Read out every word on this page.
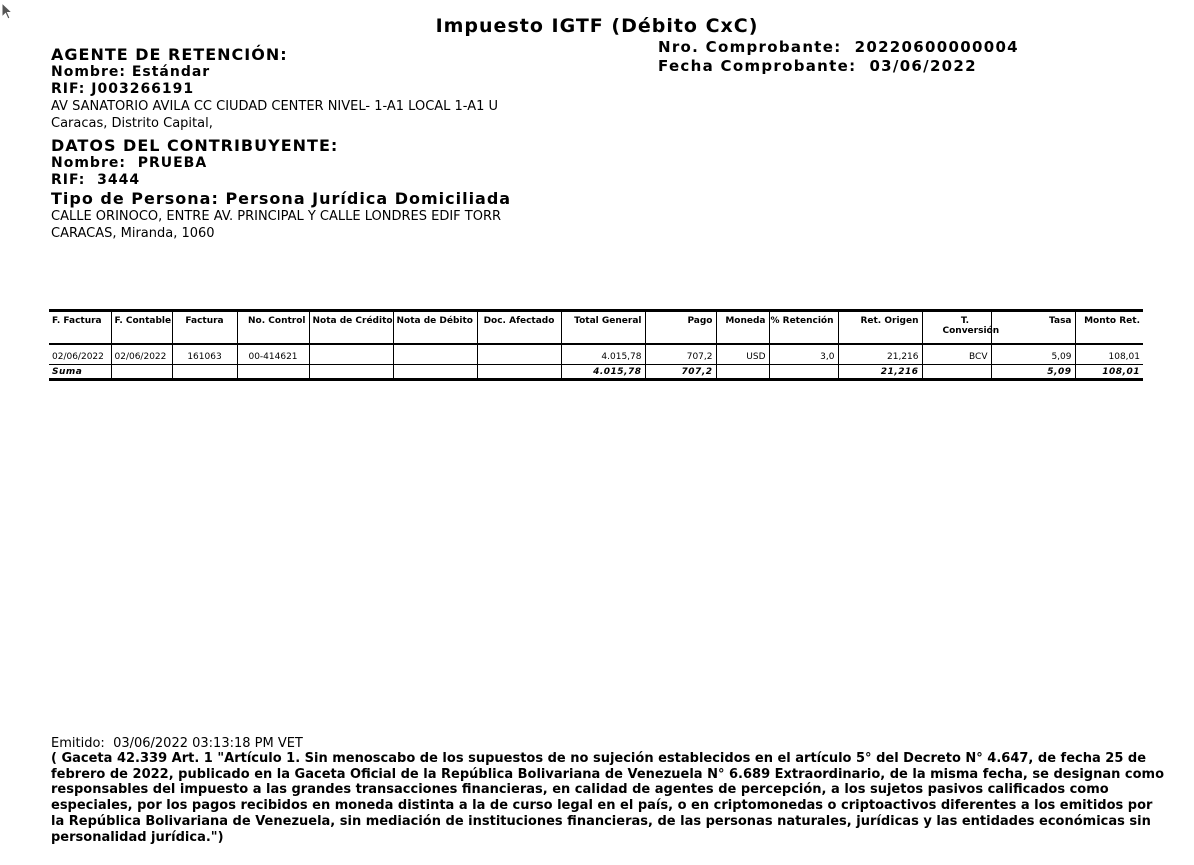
Impuesto IGTF (Débito CxC)
Nro. Comprobante: 20220600000004
Fecha Comprobante: 03/06/2022
AGENTE DE RETENCIÓN:
Nombre: Estándar
RIF: J003266191
AV SANATORIO AVILA CC CIUDAD CENTER NIVEL- 1-A1 LOCAL 1-A1 U
Caracas, Distrito Capital,
DATOS DEL CONTRIBUYENTE:
Nombre: PRUEBA
RIF: 3444
Tipo de Persona: Persona Jurídica Domiciliada
CALLE ORINOCO, ENTRE AV. PRINCIPAL Y CALLE LONDRES EDIF TORR
CARACAS, Miranda, 1060
F. Factura	F. Contable	Factura	No. Control	Nota de Crédito	Nota de Débito	Doc. Afectado	Total General	Pago	Moneda	% Retención	Ret. Origen	T. Conversión	Tasa	Monto Ret.
02/06/2022	02/06/2022	161063	00-414621				4.015,78	707,2	USD	3,0	21,216	BCV	5,09	108,01
Suma							4.015,78	707,2			21,216		5,09	108,01
Emitido: 03/06/2022 03:13:18 PM VET
( Gaceta 42.339 Art. 1 "Artículo 1. Sin menoscabo de los supuestos de no sujeción establecidos en el artículo 5° del Decreto N° 4.647, de fecha 25 de febrero de 2022, publicado en la Gaceta Oficial de la República Bolivariana de Venezuela N° 6.689 Extraordinario, de la misma fecha, se designan como responsables del impuesto a las grandes transacciones financieras, en calidad de agentes de percepción, a los sujetos pasivos calificados como especiales, por los pagos recibidos en moneda distinta a la de curso legal en el país, o en criptomonedas o criptoactivos diferentes a los emitidos por la República Bolivariana de Venezuela, sin mediación de instituciones financieras, de las personas naturales, jurídicas y las entidades económicas sin personalidad jurídica.")
